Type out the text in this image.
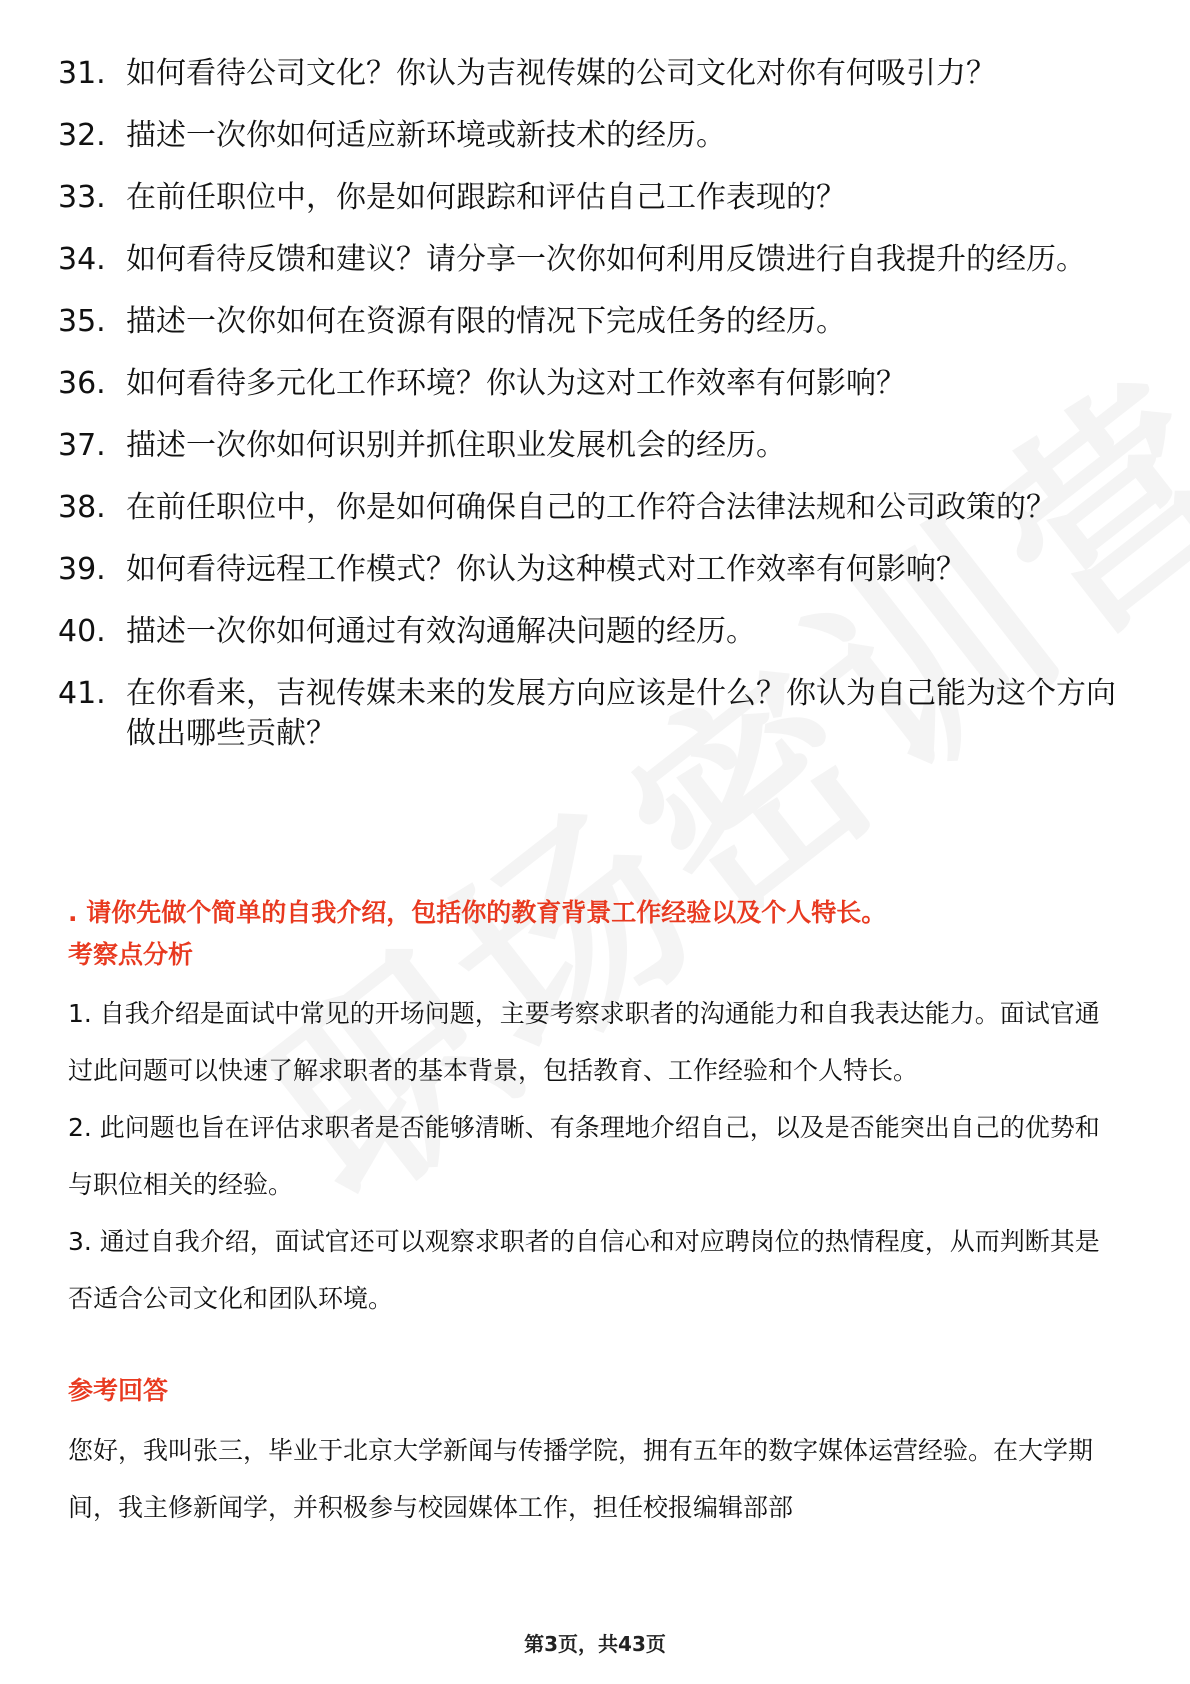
31. 如何看待公司文化？你认为吉视传媒的公司文化对你有何吸引力？
32. 描述一次你如何适应新环境或新技术的经历。
33. 在前任职位中，你是如何跟踪和评估自己工作表现的？
34. 如何看待反馈和建议？请分享一次你如何利用反馈进行自我提升的经历。
35. 描述一次你如何在资源有限的情况下完成任务的经历。
36. 如何看待多元化工作环境？你认为这对工作效率有何影响？
37. 描述一次你如何识别并抓住职业发展机会的经历。
38. 在前任职位中，你是如何确保自己的工作符合法律法规和公司政策的？
39. 如何看待远程工作模式？你认为这种模式对工作效率有何影响？
40. 描述一次你如何通过有效沟通解决问题的经历。
41. 在你看来，吉视传媒未来的发展方向应该是什么？你认为自己能为这个方向做出哪些贡献？
. 请你先做个简单的自我介绍，包括你的教育背景工作经验以及个人特长。
考察点分析

1. 自我介绍是面试中常见的开场问题，主要考察求职者的沟通能力和自我表达能力。面试官通过此问题可以快速了解求职者的基本背景，包括教育、工作经验和个人特长。

2. 此问题也旨在评估求职者是否能够清晰、有条理地介绍自己，以及是否能突出自己的优势和与职位相关的经验。

3. 通过自我介绍，面试官还可以观察求职者的自信心和对应聘岗位的热情程度，从而判断其是否适合公司文化和团队环境。

参考回答

您好，我叫张三，毕业于北京大学新闻与传播学院，拥有五年的数字媒体运营经验。在大学期间，我主修新闻学，并积极参与校园媒体工作，担任校报编辑部部

第3页，共43页
